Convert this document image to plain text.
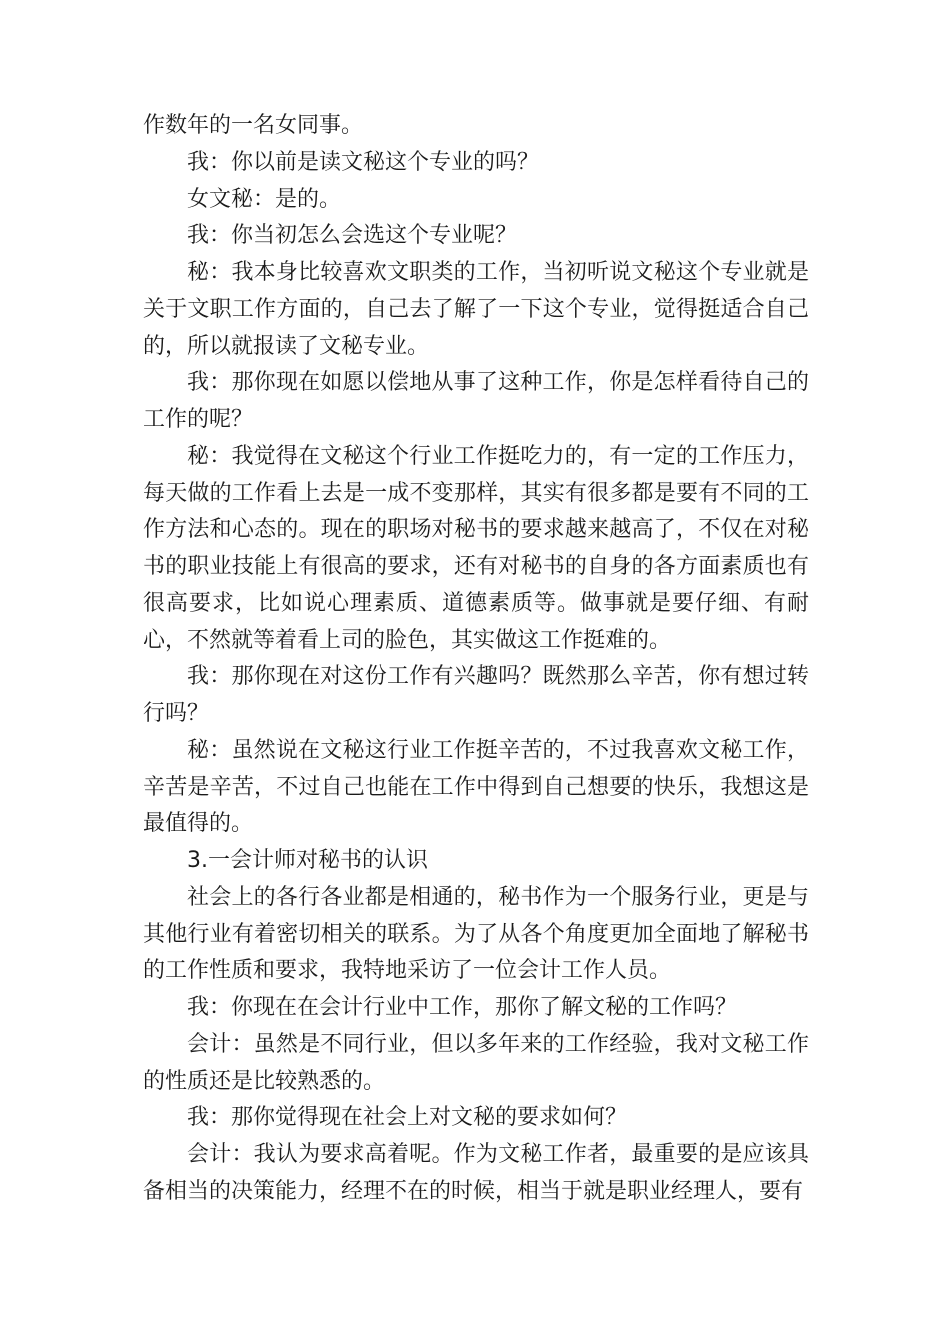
作数年的一名女同事。

我：你以前是读文秘这个专业的吗？

女文秘：是的。

我：你当初怎么会选这个专业呢？

秘：我本身比较喜欢文职类的工作，当初听说文秘这个专业就是关于文职工作方面的，自己去了解了一下这个专业，觉得挺适合自己的，所以就报读了文秘专业。

我：那你现在如愿以偿地从事了这种工作，你是怎样看待自己的工作的呢？

秘：我觉得在文秘这个行业工作挺吃力的，有一定的工作压力，每天做的工作看上去是一成不变那样，其实有很多都是要有不同的工作方法和心态的。现在的职场对秘书的要求越来越高了，不仅在对秘书的职业技能上有很高的要求，还有对秘书的自身的各方面素质也有很高要求，比如说心理素质、道德素质等。做事就是要仔细、有耐心，不然就等着看上司的脸色，其实做这工作挺难的。

我：那你现在对这份工作有兴趣吗？既然那么辛苦，你有想过转行吗？

秘：虽然说在文秘这行业工作挺辛苦的，不过我喜欢文秘工作，辛苦是辛苦，不过自己也能在工作中得到自己想要的快乐，我想这是最值得的。

3.一会计师对秘书的认识

社会上的各行各业都是相通的，秘书作为一个服务行业，更是与其他行业有着密切相关的联系。为了从各个角度更加全面地了解秘书的工作性质和要求，我特地采访了一位会计工作人员。

我：你现在在会计行业中工作，那你了解文秘的工作吗？

会计：虽然是不同行业，但以多年来的工作经验，我对文秘工作的性质还是比较熟悉的。

我：那你觉得现在社会上对文秘的要求如何？

会计：我认为要求高着呢。作为文秘工作者，最重要的是应该具备相当的决策能力，经理不在的时候，相当于就是职业经理人，要有
